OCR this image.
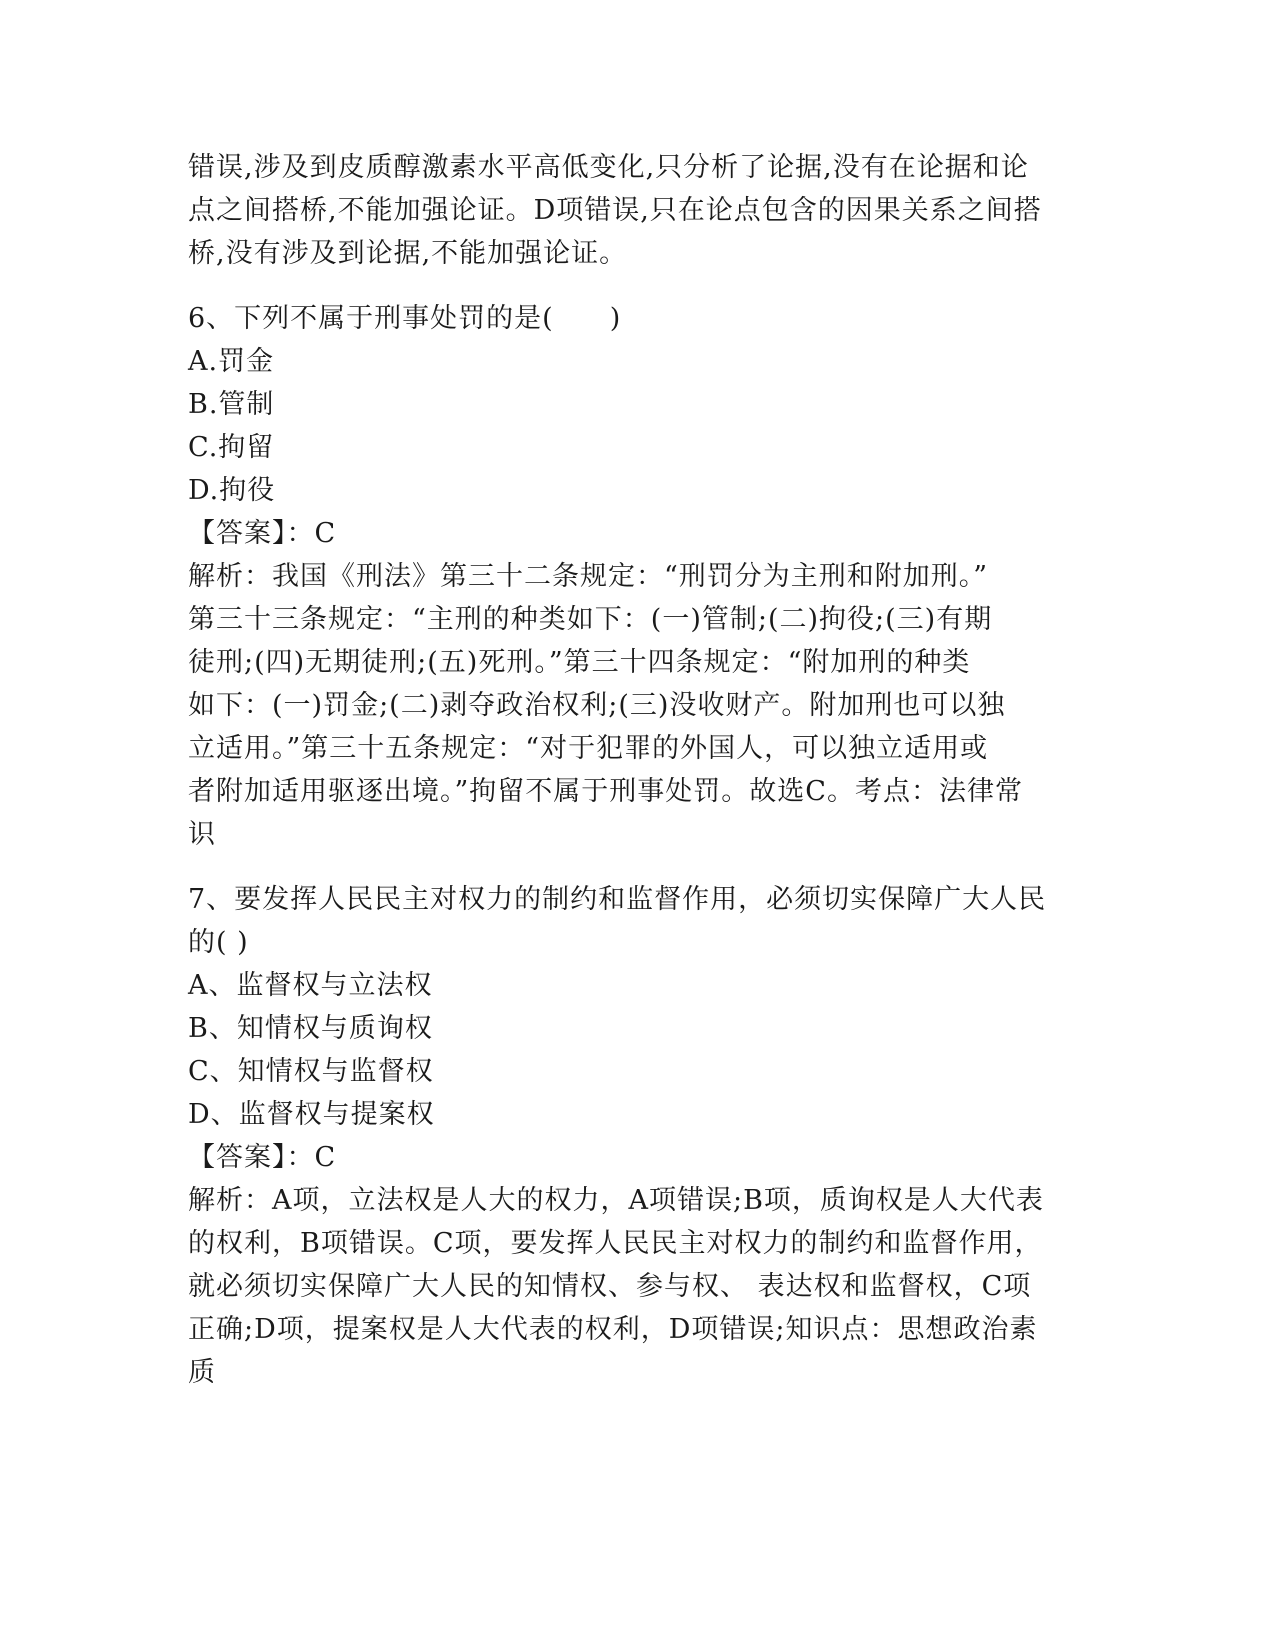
错误,涉及到皮质醇激素水平高低变化,只分析了论据,没有在论据和论
点之间搭桥,不能加强论证。D项错误,只在论点包含的因果关系之间搭
桥,没有涉及到论据,不能加强论证。
6、下列不属于刑事处罚的是(　　)
A.罚金
B.管制
C.拘留
D.拘役
【答案】：C
解析：我国《刑法》第三十二条规定：“刑罚分为主刑和附加刑。”
第三十三条规定：“主刑的种类如下：(一)管制;(二)拘役;(三)有期
徒刑;(四)无期徒刑;(五)死刑。”第三十四条规定：“附加刑的种类
如下：(一)罚金;(二)剥夺政治权利;(三)没收财产。附加刑也可以独
立适用。”第三十五条规定：“对于犯罪的外国人，可以独立适用或
者附加适用驱逐出境。”拘留不属于刑事处罚。故选C。考点：法律常
识
7、要发挥人民民主对权力的制约和监督作用，必须切实保障广大人民
的( )
A、监督权与立法权
B、知情权与质询权
C、知情权与监督权
D、监督权与提案权
【答案】：C
解析：A项，立法权是人大的权力，A项错误;B项，质询权是人大代表
的权利，B项错误。C项，要发挥人民民主对权力的制约和监督作用，
就必须切实保障广大人民的知情权、参与权、 表达权和监督权，C项
正确;D项，提案权是人大代表的权利，D项错误;知识点：思想政治素
质
